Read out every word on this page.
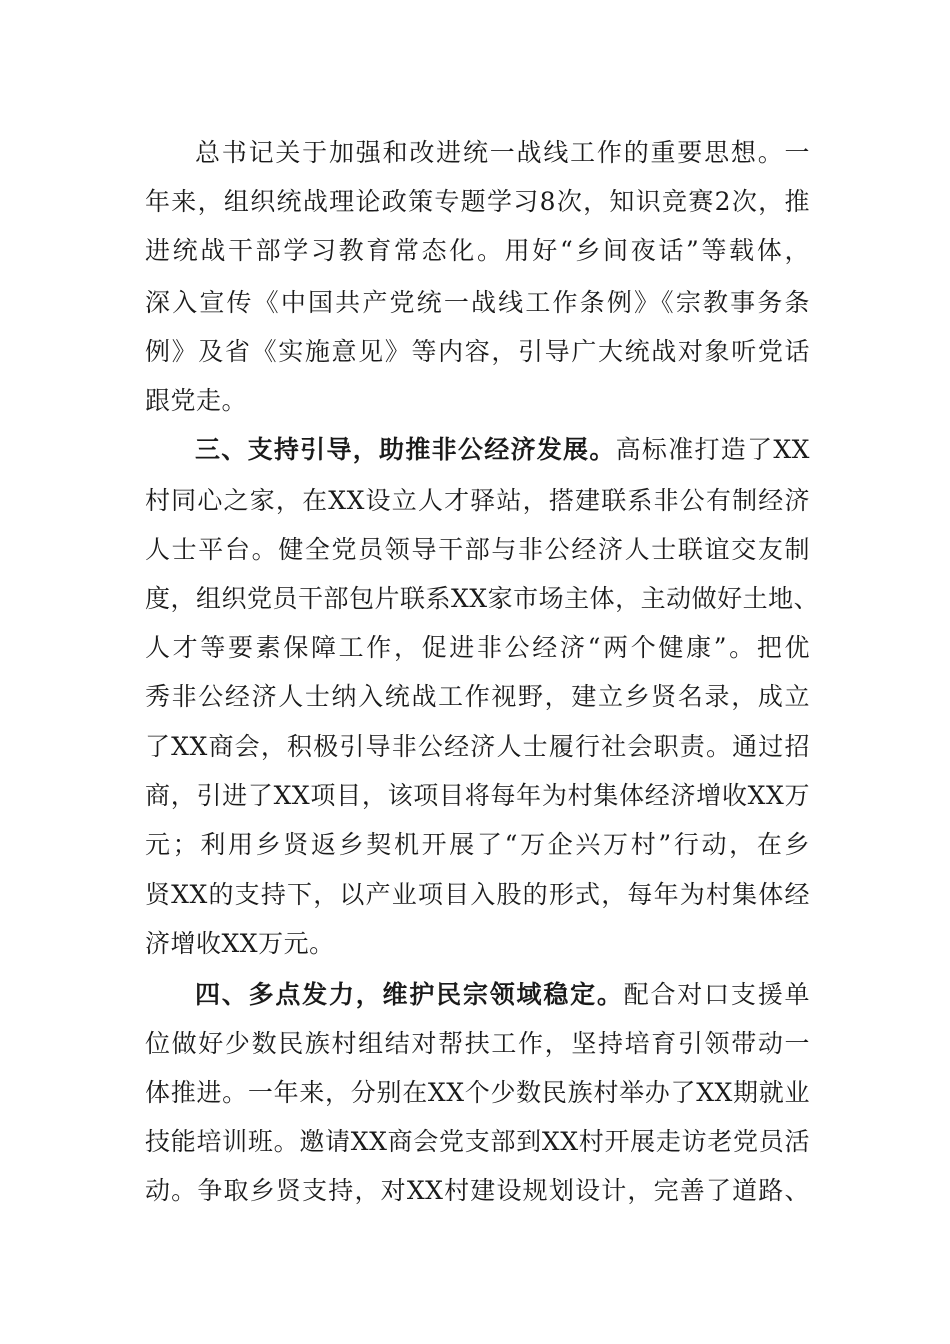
总书记关于加强和改进统一战线工作的重要思想。一
年来，组织统战理论政策专题学习8次，知识竞赛2次，推
进统战干部学习教育常态化。用好“乡间夜话”等载体，
深入宣传《中国共产党统一战线工作条例》《宗教事务条
例》及省《实施意见》等内容，引导广大统战对象听党话
跟党走。
三、支持引导，助推非公经济发展。高标准打造了XX
村同心之家，在XX设立人才驿站，搭建联系非公有制经济
人士平台。健全党员领导干部与非公经济人士联谊交友制
度，组织党员干部包片联系XX家市场主体，主动做好土地、
人才等要素保障工作，促进非公经济“两个健康”。把优
秀非公经济人士纳入统战工作视野，建立乡贤名录，成立
了XX商会，积极引导非公经济人士履行社会职责。通过招
商，引进了XX项目，该项目将每年为村集体经济增收XX万
元；利用乡贤返乡契机开展了“万企兴万村”行动，在乡
贤XX的支持下，以产业项目入股的形式，每年为村集体经
济增收XX万元。
四、多点发力，维护民宗领域稳定。配合对口支援单
位做好少数民族村组结对帮扶工作，坚持培育引领带动一
体推进。一年来，分别在XX个少数民族村举办了XX期就业
技能培训班。邀请XX商会党支部到XX村开展走访老党员活
动。争取乡贤支持，对XX村建设规划设计，完善了道路、
